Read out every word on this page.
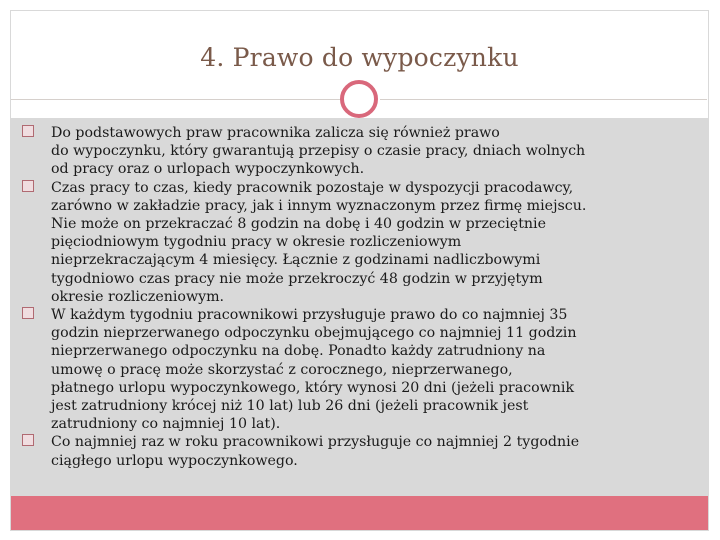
4. Prawo do wypoczynku
Do podstawowych praw pracownika zalicza się również prawo
do wypoczynku, który gwarantują przepisy o czasie pracy, dniach wolnych
od pracy oraz o urlopach wypoczynkowych.
Czas pracy to czas, kiedy pracownik pozostaje w dyspozycji pracodawcy,
zarówno w zakładzie pracy, jak i innym wyznaczonym przez firmę miejscu.
Nie może on przekraczać 8 godzin na dobę i 40 godzin w przeciętnie
pięciodniowym tygodniu pracy w okresie rozliczeniowym
nieprzekraczającym 4 miesięcy. Łącznie z godzinami nadliczbowymi
tygodniowo czas pracy nie może przekroczyć 48 godzin w przyjętym
okresie rozliczeniowym.
W każdym tygodniu pracownikowi przysługuje prawo do co najmniej 35
godzin nieprzerwanego odpoczynku obejmującego co najmniej 11 godzin
nieprzerwanego odpoczynku na dobę. Ponadto każdy zatrudniony na
umowę o pracę może skorzystać z corocznego, nieprzerwanego,
płatnego urlopu wypoczynkowego, który wynosi 20 dni (jeżeli pracownik
jest zatrudniony krócej niż 10 lat) lub 26 dni (jeżeli pracownik jest
zatrudniony co najmniej 10 lat).
Co najmniej raz w roku pracownikowi przysługuje co najmniej 2 tygodnie
ciągłego urlopu wypoczynkowego.
